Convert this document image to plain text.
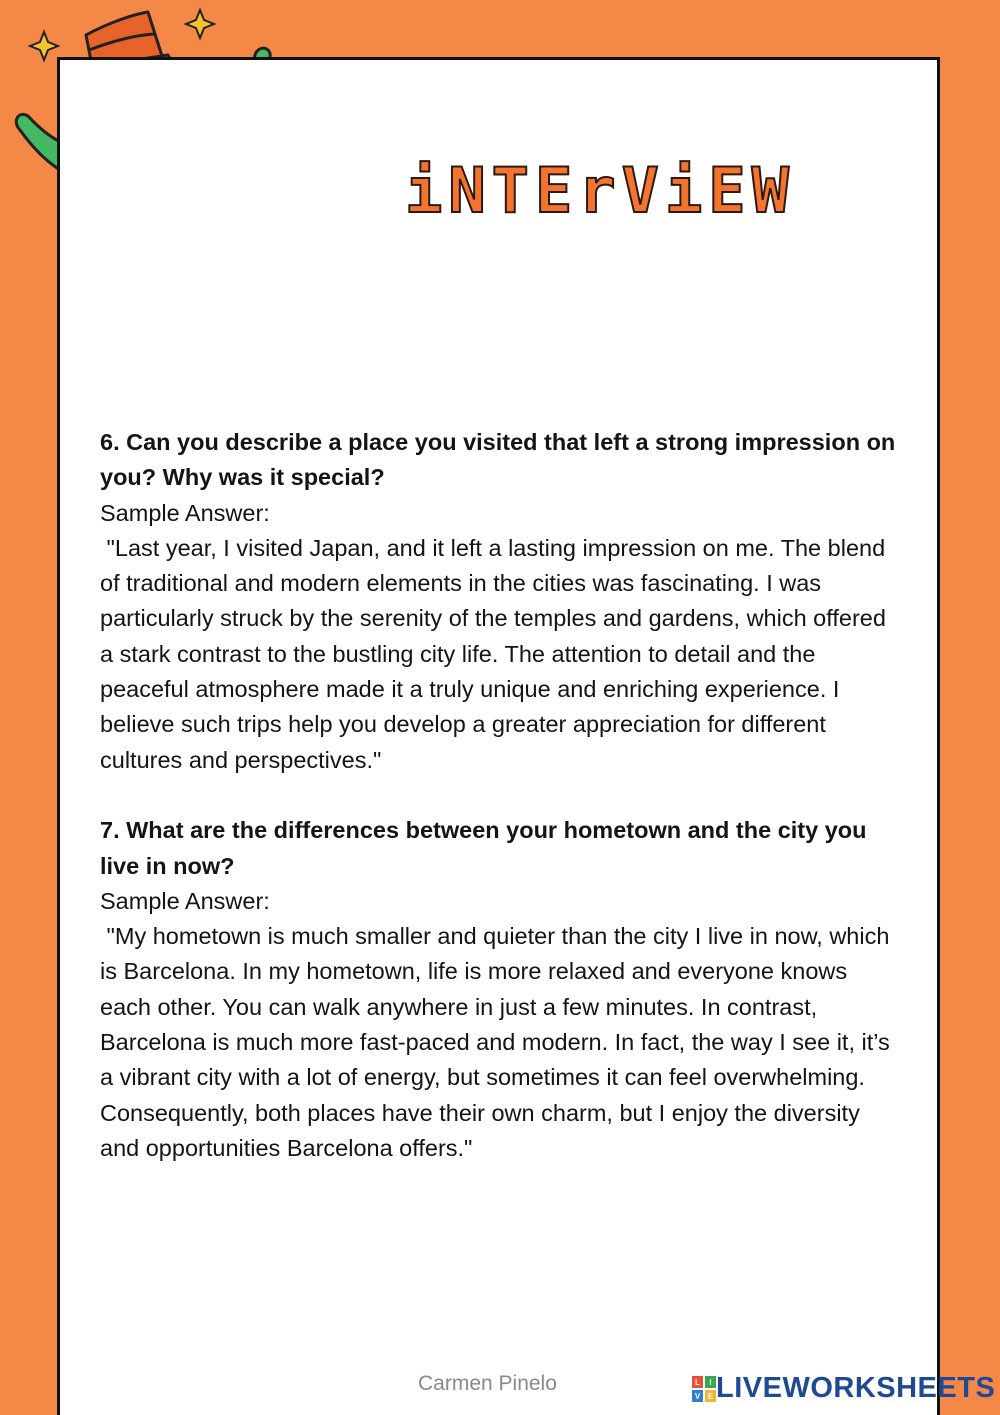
iNTErViEW

6. Can you describe a place you visited that left a strong impression on you? Why was it special?

Sample Answer:

"Last year, I visited Japan, and it left a lasting impression on me. The blend of traditional and modern elements in the cities was fascinating. I was particularly struck by the serenity of the temples and gardens, which offered a stark contrast to the bustling city life. The attention to detail and the peaceful atmosphere made it a truly unique and enriching experience. I believe such trips help you develop a greater appreciation for different cultures and perspectives."

7. What are the differences between your hometown and the city you live in now?

Sample Answer:

"My hometown is much smaller and quieter than the city I live in now, which is Barcelona. In my hometown, life is more relaxed and everyone knows each other. You can walk anywhere in just a few minutes. In contrast, Barcelona is much more fast-paced and modern. In fact, the way I see it, it’s a vibrant city with a lot of energy, but sometimes it can feel overwhelming. Consequently, both places have their own charm, but I enjoy the diversity and opportunities Barcelona offers."

Carmen Pinelo	L I
V E LIVEWORKSHEETS
